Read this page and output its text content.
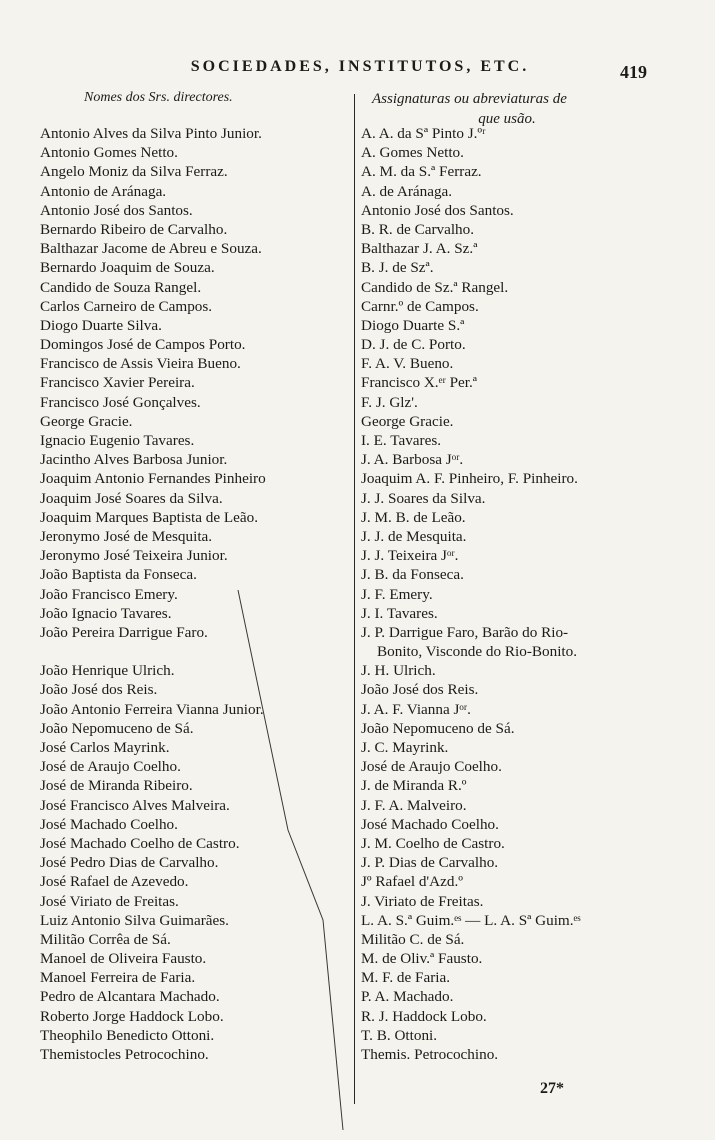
SOCIEDADES, INSTITUTOS, ETC.	419
Nomes dos Srs. directores.	Assignaturas ou abreviaturas de
que usão.
Antonio Alves da Silva Pinto Junior.
Antonio Gomes Netto.
Angelo Moniz da Silva Ferraz.
Antonio de Aránaga.
Antonio José dos Santos.
Bernardo Ribeiro de Carvalho.
Balthazar Jacome de Abreu e Souza.
Bernardo Joaquim de Souza.
Candido de Souza Rangel.
Carlos Carneiro de Campos.
Diogo Duarte Silva.
Domingos José de Campos Porto.
Francisco de Assis Vieira Bueno.
Francisco Xavier Pereira.
Francisco José Gonçalves.
George Gracie.
Ignacio Eugenio Tavares.
Jacintho Alves Barbosa Junior.
Joaquim Antonio Fernandes Pinheiro
Joaquim José Soares da Silva.
Joaquim Marques Baptista de Leão.
Jeronymo José de Mesquita.
Jeronymo José Teixeira Junior.
João Baptista da Fonseca.
João Francisco Emery.
João Ignacio Tavares.
João Pereira Darrigue Faro.
João Henrique Ulrich.
João José dos Reis.
João Antonio Ferreira Vianna Junior.
João Nepomuceno de Sá.
José Carlos Mayrink.
José de Araujo Coelho.
José de Miranda Ribeiro.
José Francisco Alves Malveira.
José Machado Coelho.
José Machado Coelho de Castro.
José Pedro Dias de Carvalho.
José Rafael de Azevedo.
José Viriato de Freitas.
Luiz Antonio Silva Guimarães.
Militão Corrêa de Sá.
Manoel de Oliveira Fausto.
Manoel Ferreira de Faria.
Pedro de Alcantara Machado.
Roberto Jorge Haddock Lobo.
Theophilo Benedicto Ottoni.
Themistocles Petrocochino.
A. A. da Sª Pinto J.ºʳ
A. Gomes Netto.
A. M. da S.ª Ferraz.
A. de Aránaga.
Antonio José dos Santos.
B. R. de Carvalho.
Balthazar J. A. Sz.ª
B. J. de Szª.
Candido de Sz.ª Rangel.
Carnr.º de Campos.
Diogo Duarte S.ª
D. J. de C. Porto.
F. A. V. Bueno.
Francisco X.ᵉʳ Per.ª
F. J. Glz'.
George Gracie.
I. E. Tavares.
J. A. Barbosa Jᵒʳ.
Joaquim A. F. Pinheiro, F. Pinheiro.
J. J. Soares da Silva.
J. M. B. de Leão.
J. J. de Mesquita.
J. J. Teixeira Jᵒʳ.
J. B. da Fonseca.
J. F. Emery.
J. I. Tavares.
J. P. Darrigue Faro, Barão do Rio-
Bonito, Visconde do Rio-Bonito.
J. H. Ulrich.
João José dos Reis.
J. A. F. Vianna Jᵒʳ.
João Nepomuceno de Sá.
J. C. Mayrink.
José de Araujo Coelho.
J. de Miranda R.º
J. F. A. Malveiro.
José Machado Coelho.
J. M. Coelho de Castro.
J. P. Dias de Carvalho.
Jº Rafael d'Azd.º
J. Viriato de Freitas.
L. A. S.ª Guim.ᵉˢ — L. A. Sª Guim.ᵉˢ
Militão C. de Sá.
M. de Oliv.ª Fausto.
M. F. de Faria.
P. A. Machado.
R. J. Haddock Lobo.
T. B. Ottoni.
Themis. Petrocochino.
27*
